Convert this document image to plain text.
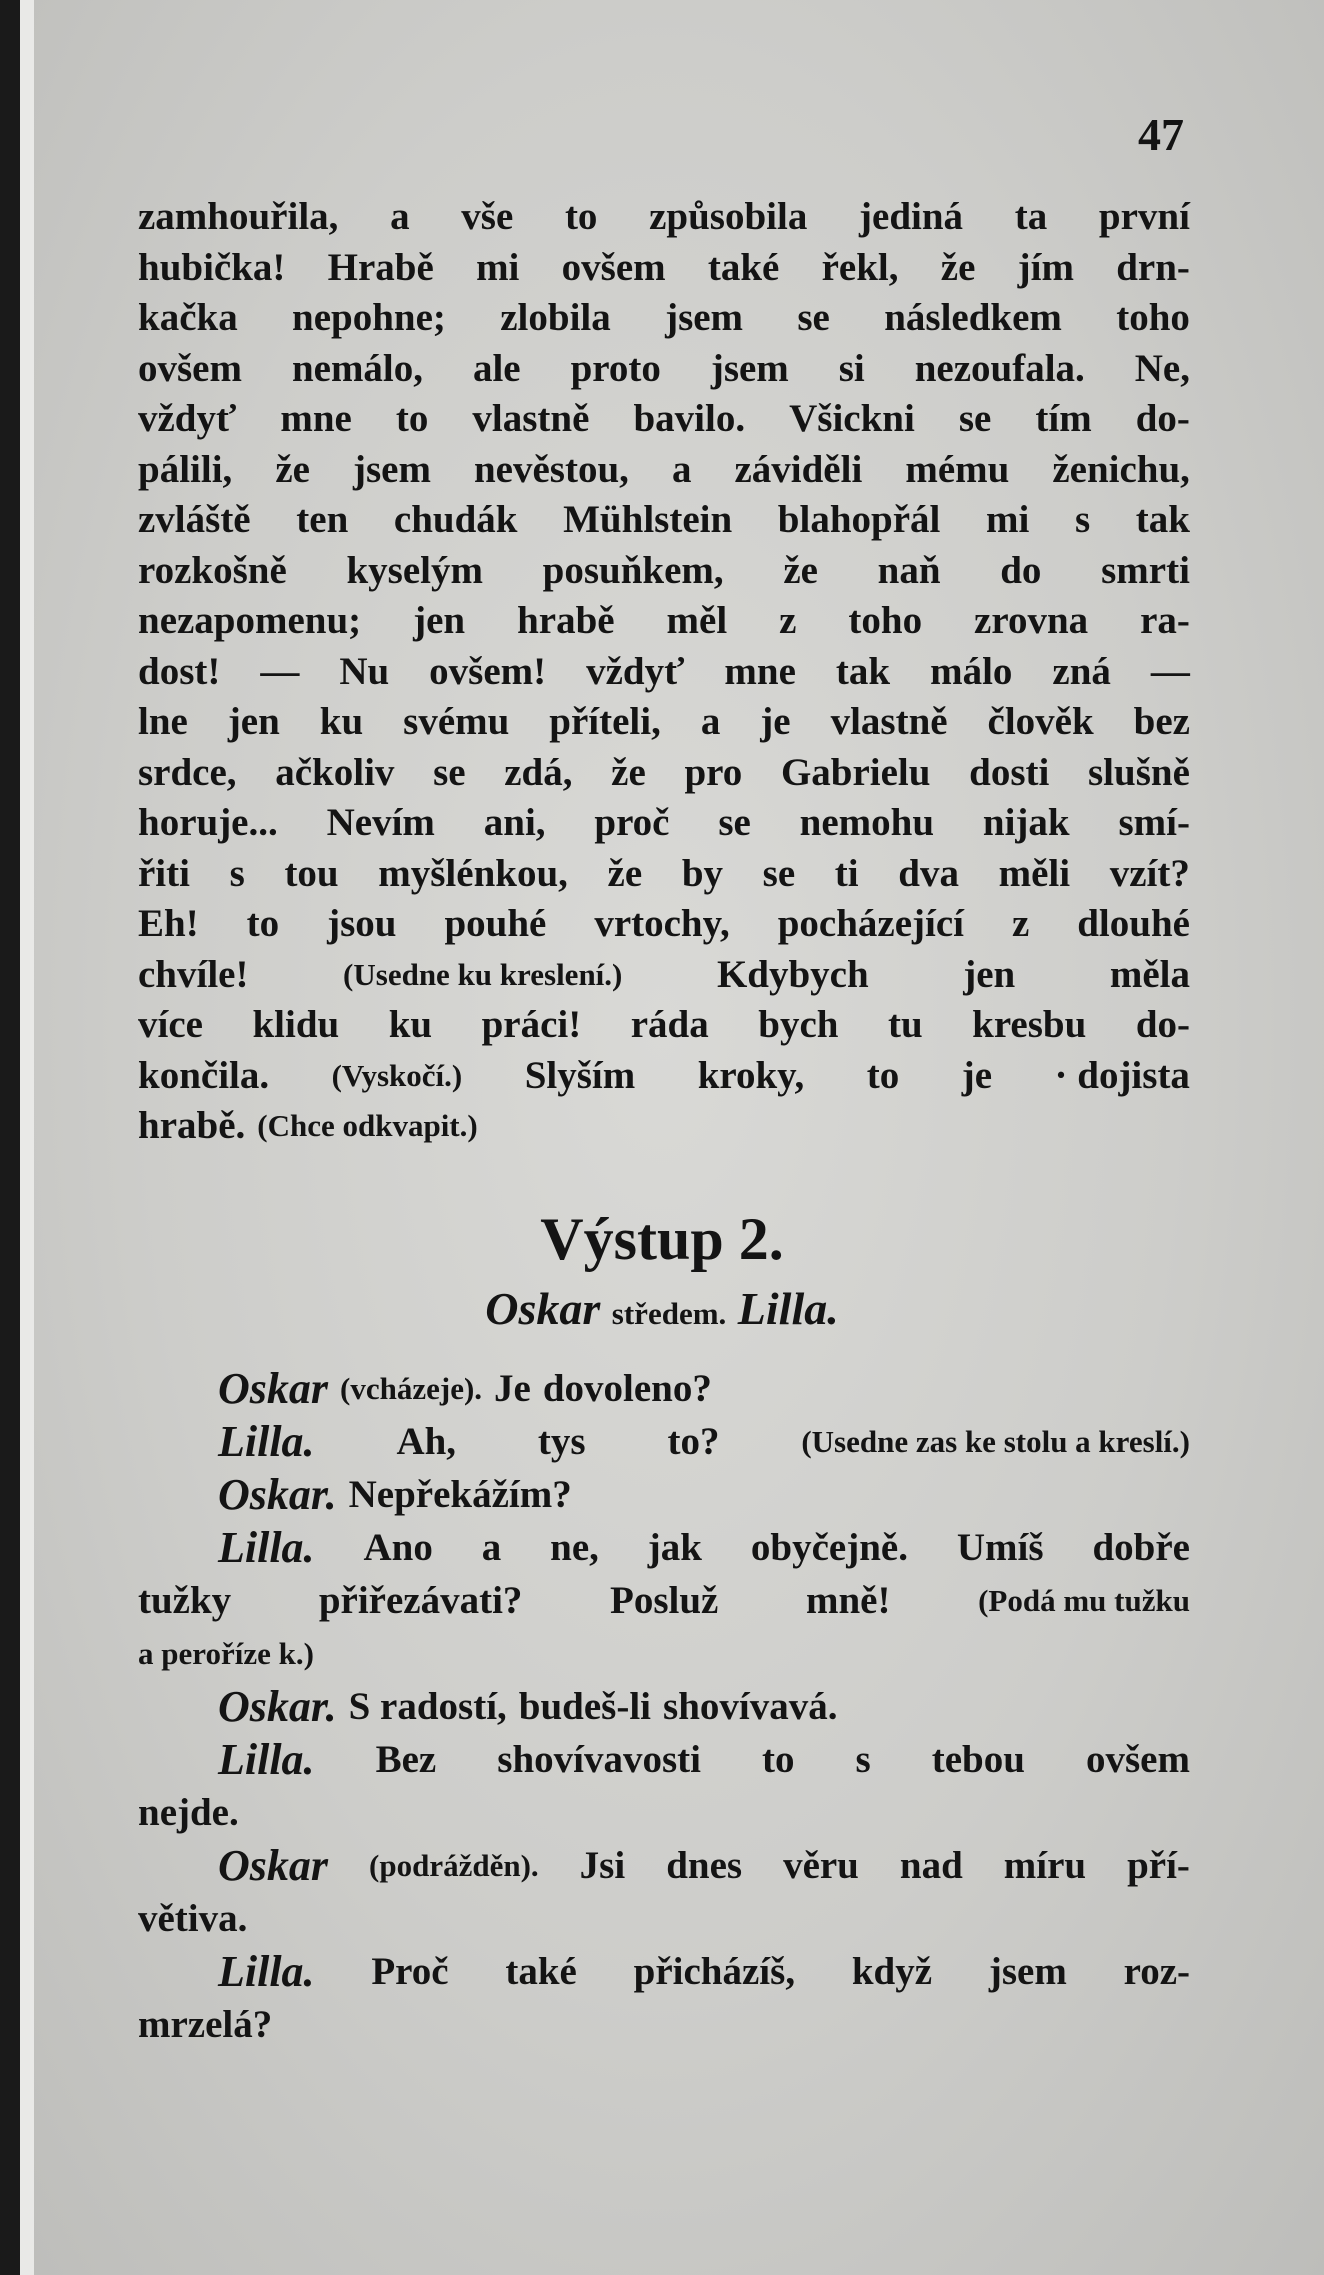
47
zamhouřila, a vše to způsobila jediná ta první
hubička! Hrabě mi ovšem také řekl, že jím drn-
kačka nepohne; zlobila jsem se následkem toho
ovšem nemálo, ale proto jsem si nezoufala. Ne,
vždyť mne to vlastně bavilo. Všickni se tím do-
pálili, že jsem nevěstou, a záviděli mému ženichu,
zvláště ten chudák Mühlstein blahopřál mi s tak
rozkošně kyselým posuňkem, že naň do smrti
nezapomenu; jen hrabě měl z toho zrovna ra-
dost! — Nu ovšem! vždyť mne tak málo zná —
lne jen ku svému příteli, a je vlastně člověk bez
srdce, ačkoliv se zdá, že pro Gabrielu dosti slušně
horuje... Nevím ani, proč se nemohu nijak smí-
řiti s tou myšlénkou, že by se ti dva měli vzít?
Eh! to jsou pouhé vrtochy, pocházející z dlouhé
chvíle!	(Usedne ku kreslení.) Kdybych jen měla
více klidu ku práci! ráda bych tu kresbu do-
končila. (Vyskočí.) Slyším kroky, to je · dojista
hrabě. (Chce odkvapit.)
Výstup 2.
Oskar středem. Lilla.
Oskar (vcházeje). Je dovoleno?
Lilla. Ah, tys to?	(Usedne zas ke stolu a kreslí.)
Oskar. Nepřekážím?
Lilla. Ano a ne, jak obyčejně. Umíš dobře
tužky přiřezávati? Posluž mně!	(Podá mu tužku
a peroříze k.)
Oskar. S radostí, budeš-li shovívavá.
Lilla. Bez shovívavosti to s tebou ovšem
nejde.
Oskar (podrážděn). Jsi dnes věru nad míru pří-
větiva.
Lilla. Proč také přicházíš, když jsem roz-
mrzelá?
